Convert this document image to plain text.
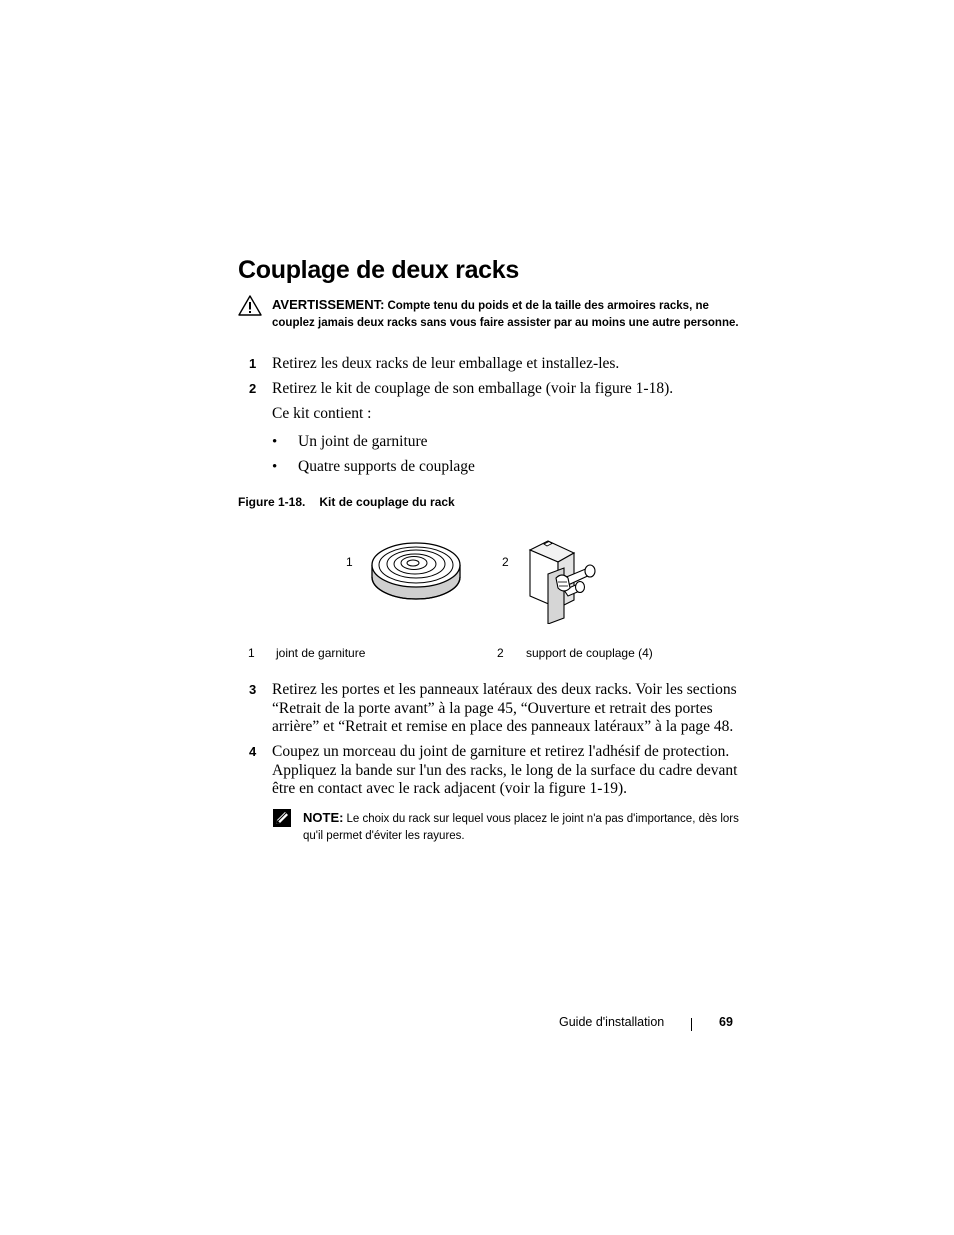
Couplage de deux racks
AVERTISSEMENT: Compte tenu du poids et de la taille des armoires racks, ne couplez jamais deux racks sans vous faire assister par au moins une autre personne.
1	Retirez les deux racks de leur emballage et installez-les.
2	Retirez le kit de couplage de son emballage (voir la figure 1-18).
Ce kit contient :
• Un joint de garniture
• Quatre supports de couplage
Figure 1-18. Kit de couplage du rack
1	2
1 joint de garniture	2 support de couplage (4)
3	Retirez les portes et les panneaux latéraux des deux racks. Voir les sections “Retrait de la porte avant” à la page 45, “Ouverture et retrait des portes arrière” et “Retrait et remise en place des panneaux latéraux” à la page 48.
4	Coupez un morceau du joint de garniture et retirez l'adhésif de protection. Appliquez la bande sur l'un des racks, le long de la surface du cadre devant être en contact avec le rack adjacent (voir la figure 1-19).
NOTE: Le choix du rack sur lequel vous placez le joint n'a pas d'importance, dès lors qu'il permet d'éviter les rayures.
Guide d'installation	69
